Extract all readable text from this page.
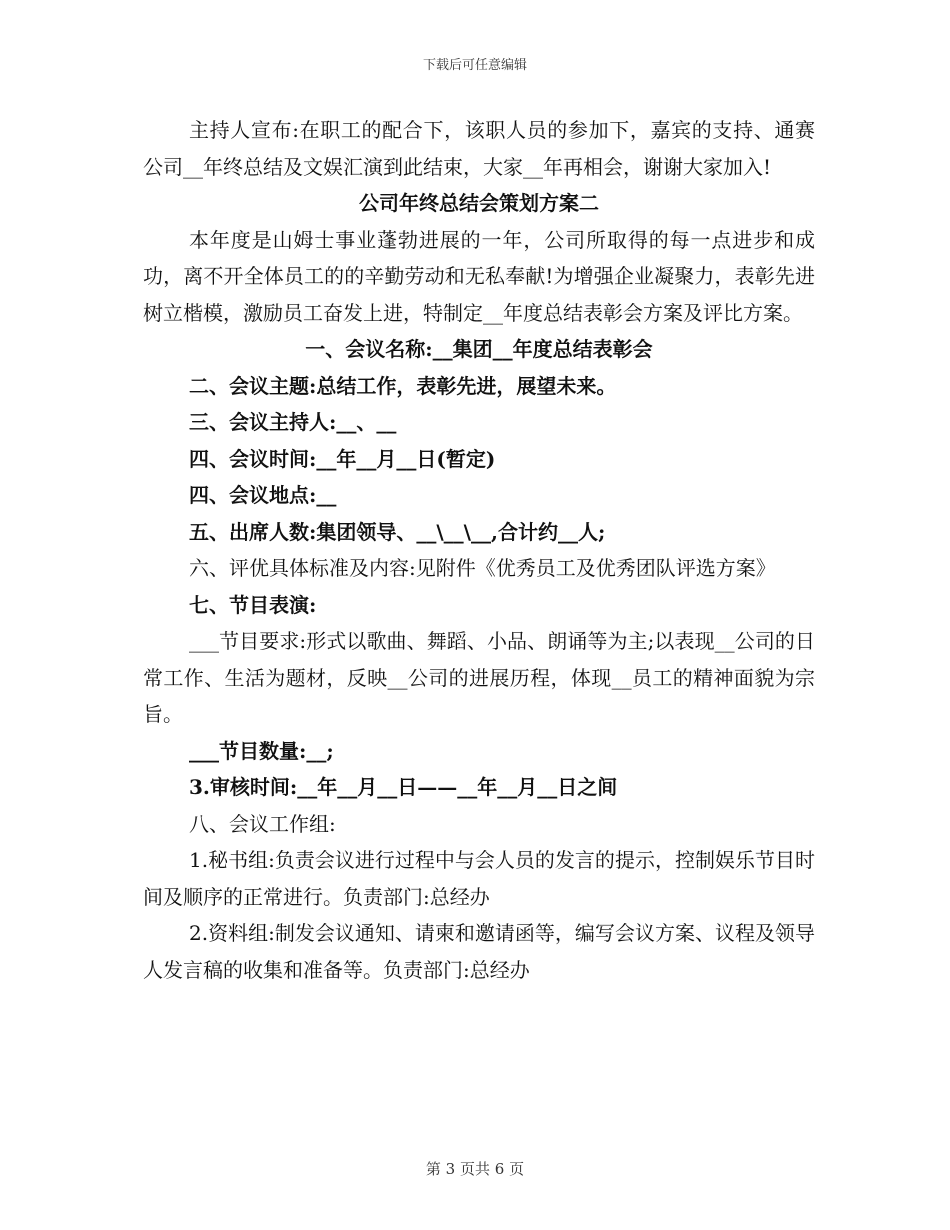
下载后可任意编辑

主持人宣布:在职工的配合下，该职人员的参加下，嘉宾的支持、通赛公司__年终总结及文娱汇演到此结束，大家__年再相会，谢谢大家加入!

公司年终总结会策划方案二

本年度是山姆士事业蓬勃进展的一年，公司所取得的每一点进步和成功，离不开全体员工的的辛勤劳动和无私奉献!为增强企业凝聚力，表彰先进树立楷模，激励员工奋发上进，特制定__年度总结表彰会方案及评比方案。

一、会议名称:__集团__年度总结表彰会

二、会议主题:总结工作，表彰先进，展望未来。

三、会议主持人:__、__

四、会议时间:__年__月__日(暂定)

四、会议地点:__

五、出席人数:集团领导、__\__\__,合计约__人;

六、评优具体标准及内容:见附件《优秀员工及优秀团队评选方案》

七、节目表演:

___节目要求:形式以歌曲、舞蹈、小品、朗诵等为主;以表现__公司的日常工作、生活为题材，反映__公司的进展历程，体现__员工的精神面貌为宗旨。

___节目数量:__;

3.审核时间:__年__月__日——__年__月__日之间

八、会议工作组:

1.秘书组:负责会议进行过程中与会人员的发言的提示，控制娱乐节目时间及顺序的正常进行。负责部门:总经办

2.资料组:制发会议通知、请柬和邀请函等，编写会议方案、议程及领导人发言稿的收集和准备等。负责部门:总经办

第 3 页共 6 页
